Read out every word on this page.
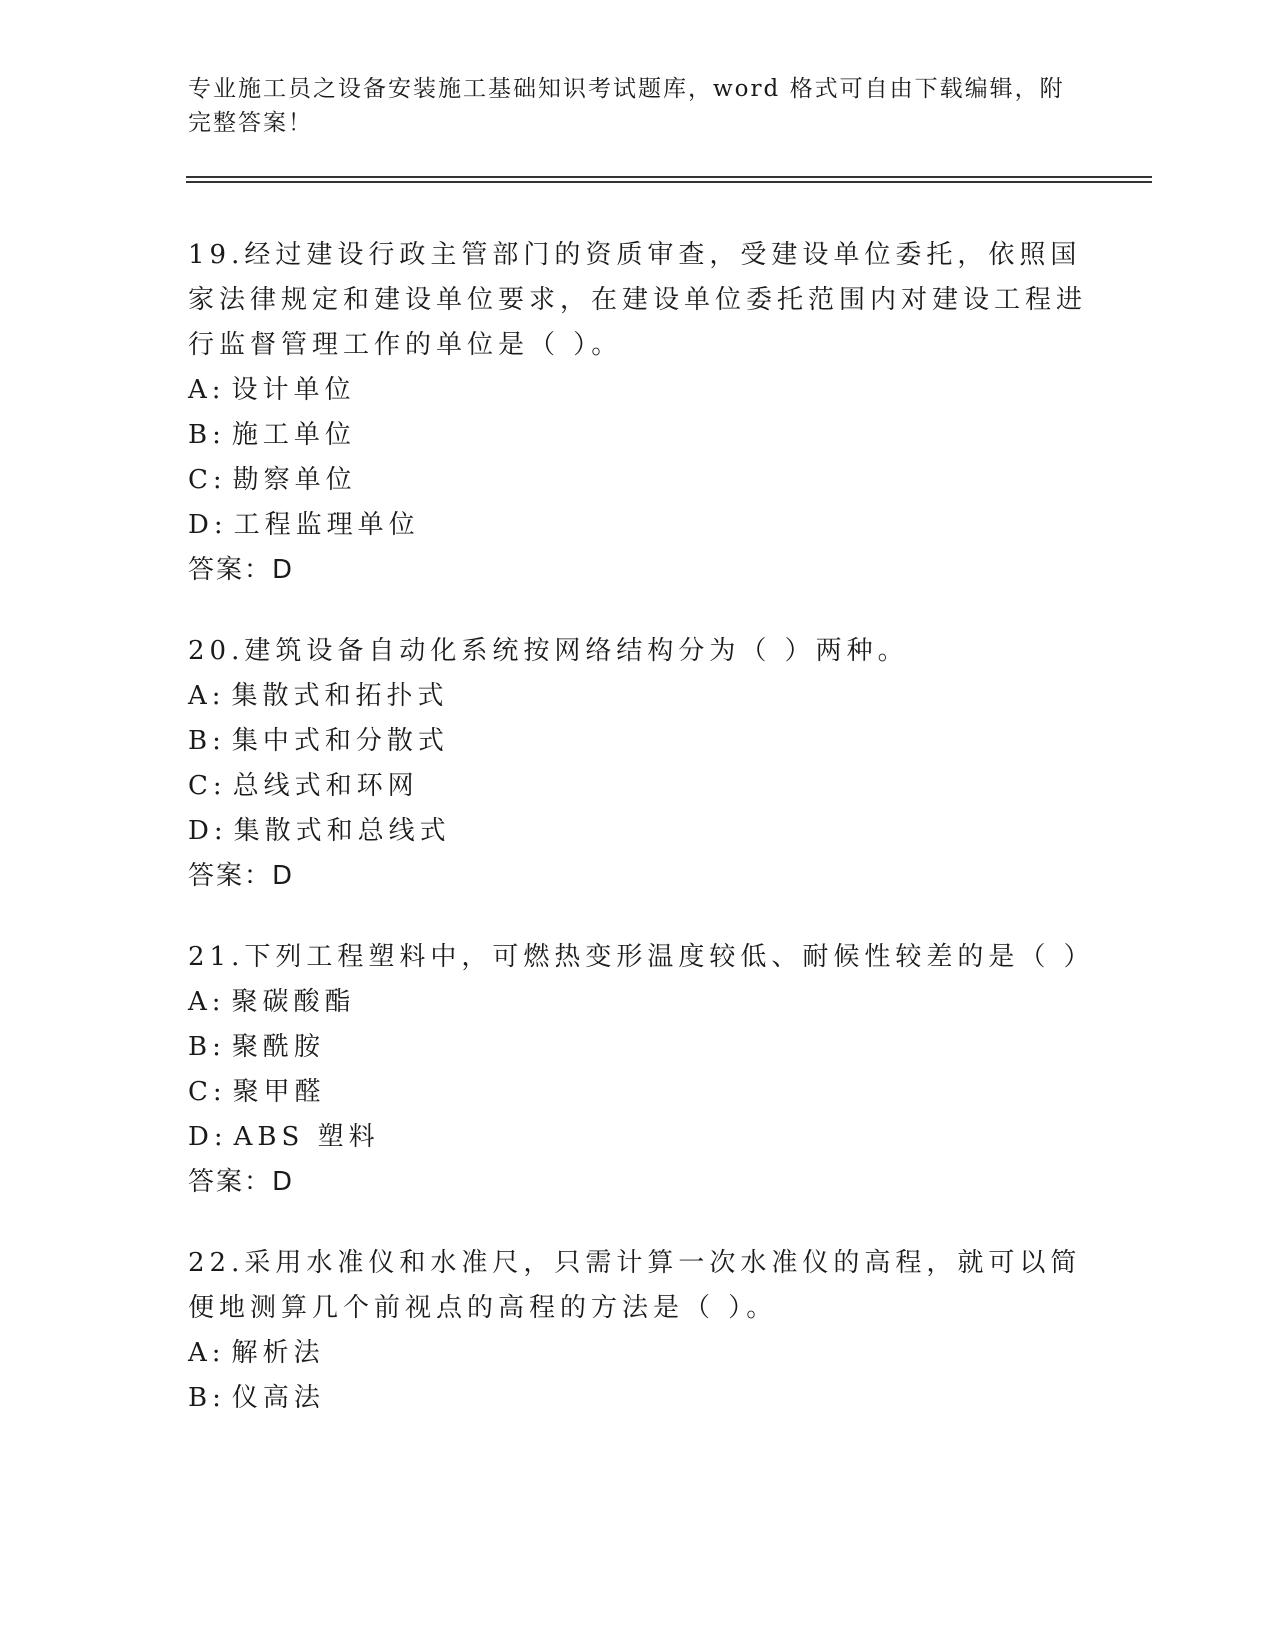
专业施工员之设备安装施工基础知识考试题库，word 格式可自由下载编辑，附完整答案！

19.经过建设行政主管部门的资质审查，受建设单位委托，依照国家法律规定和建设单位要求，在建设单位委托范围内对建设工程进行监督管理工作的单位是（ ）。

A: 设计单位

B: 施工单位

C: 勘察单位

D: 工程监理单位

答案：D

20.建筑设备自动化系统按网络结构分为（ ）两种。

A: 集散式和拓扑式

B: 集中式和分散式

C: 总线式和环网

D: 集散式和总线式

答案：D

21.下列工程塑料中，可燃热变形温度较低、耐候性较差的是（ ）

A: 聚碳酸酯

B: 聚酰胺

C: 聚甲醛

D: ABS 塑料

答案：D

22.采用水准仪和水准尺，只需计算一次水准仪的高程，就可以简便地测算几个前视点的高程的方法是（ ）。

A: 解析法

B: 仪高法
